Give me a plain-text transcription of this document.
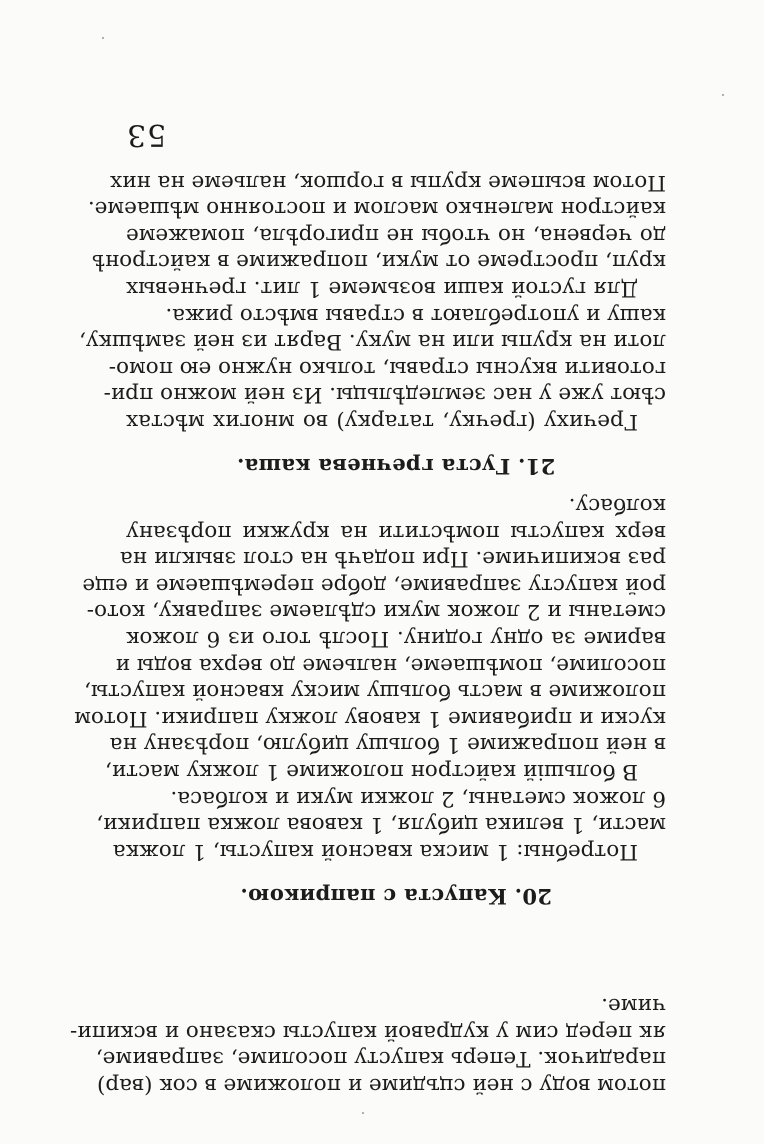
потом воду с ней сцъдиме и положиме в сок (вар)
парадичок. Теперь капусту посолиме, заправиме,
як перед сим у кудравой капусты сказано и вскипи-
чиме.
20. Капуста с паприкою.
Потребны: 1 миска квасной капусты, 1 ложка
масти, 1 велика цибуля, 1 кавова ложка паприки,
6 ложок сметаны, 2 ложки муки и колбаса.
В большій кайстрон положиме 1 ложку масти,
в ней попражиме 1 большу цибулю, порѣзану на
куски и прибавиме 1 кавову ложку паприки. Потом
положиме в масть большу миску квасной капусты,
посолиме, помѣшаеме, нальеме до верха воды и
вариме за одну годину. Послѣ того из 6 ложок
сметаны и 2 ложок муки сдѣлаеме заправку, кото-
рой капусту заправиме, добре перемѣшаеме и еще
раз вскипичиме. При подачѣ на стол звыкли на
верх капусты помѣстити на кружки порѣзану
колбасу.
21. Густа гречнева каша.
Гречиху (гречку, татарку) во многих мѣстах
сѣют уже у нас земледѣльцы. Из ней можно при-
готовити вкусны стравы, только нужно ею помо-
лоти на крупы или на муку. Варят из ней замѣшку,
кашу и употреблают в стравы вмѣсто рижа.
Для густой каши возьмеме 1 лит. гречневых
круп, простреме от муки, попражиме в кайстронѣ
до червена, но чтобы не пригорѣла, помажеме
кайстрон маленько маслом и постоянно мѣшаеме.
Потом всыпеме крупы в горшок, нальеме на них
53
